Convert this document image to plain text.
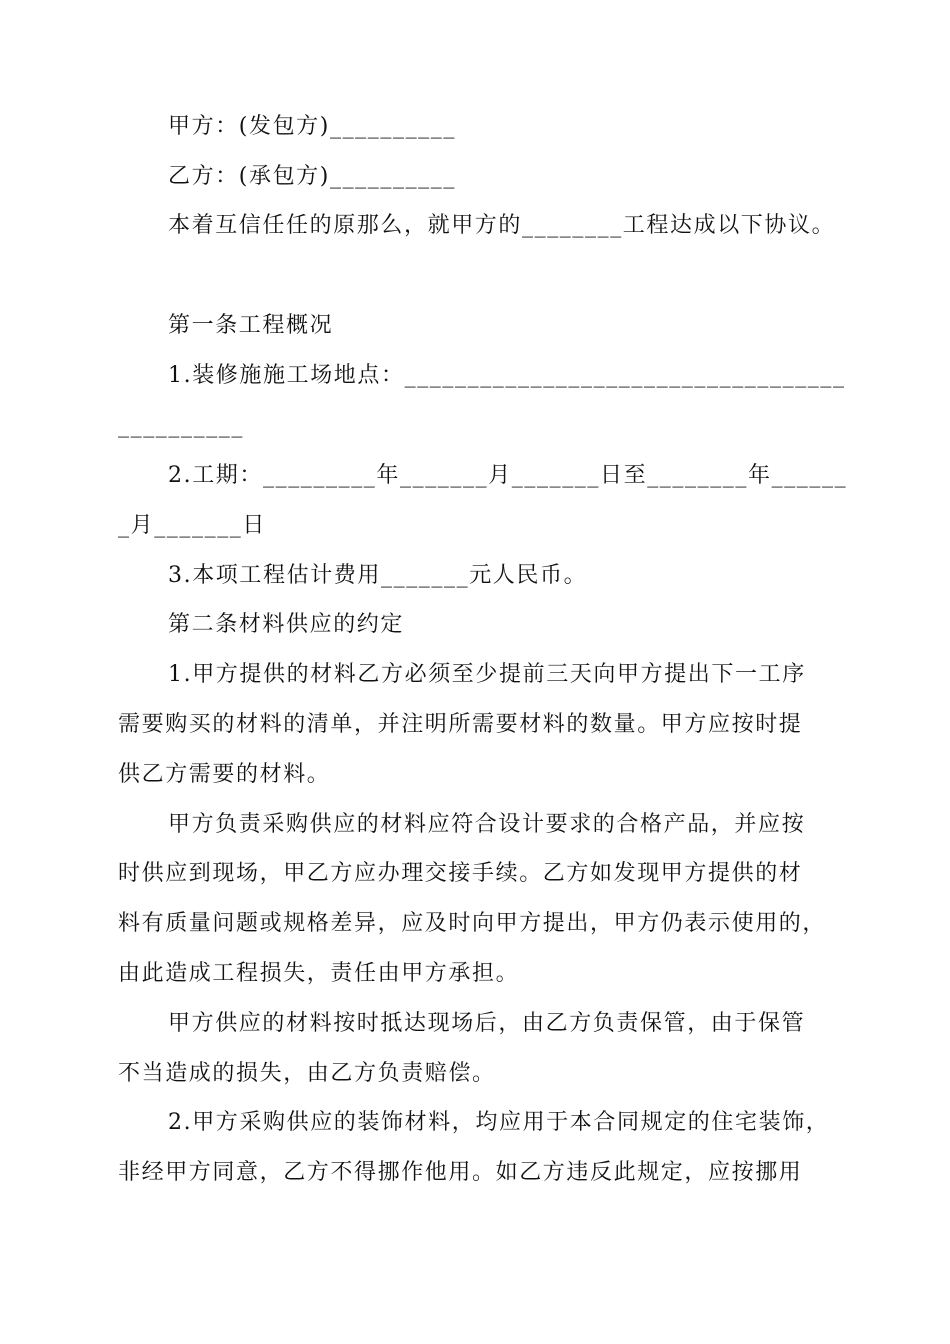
甲方：(发包方)__________
乙方：(承包方)__________
本着互信任任的原那么，就甲方的________工程达成以下协议。
第一条工程概况
1.装修施施工场地点：___________________________________
__________
2.工期：_________年_______月_______日至________年______
_月_______日
3.本项工程估计费用_______元人民币。
第二条材料供应的约定
1.甲方提供的材料乙方必须至少提前三天向甲方提出下一工序
需要购买的材料的清单，并注明所需要材料的数量。甲方应按时提
供乙方需要的材料。
甲方负责采购供应的材料应符合设计要求的合格产品，并应按
时供应到现场，甲乙方应办理交接手续。乙方如发现甲方提供的材
料有质量问题或规格差异，应及时向甲方提出，甲方仍表示使用的，
由此造成工程损失，责任由甲方承担。
甲方供应的材料按时抵达现场后，由乙方负责保管，由于保管
不当造成的损失，由乙方负责赔偿。
2.甲方采购供应的装饰材料，均应用于本合同规定的住宅装饰，
非经甲方同意，乙方不得挪作他用。如乙方违反此规定，应按挪用
